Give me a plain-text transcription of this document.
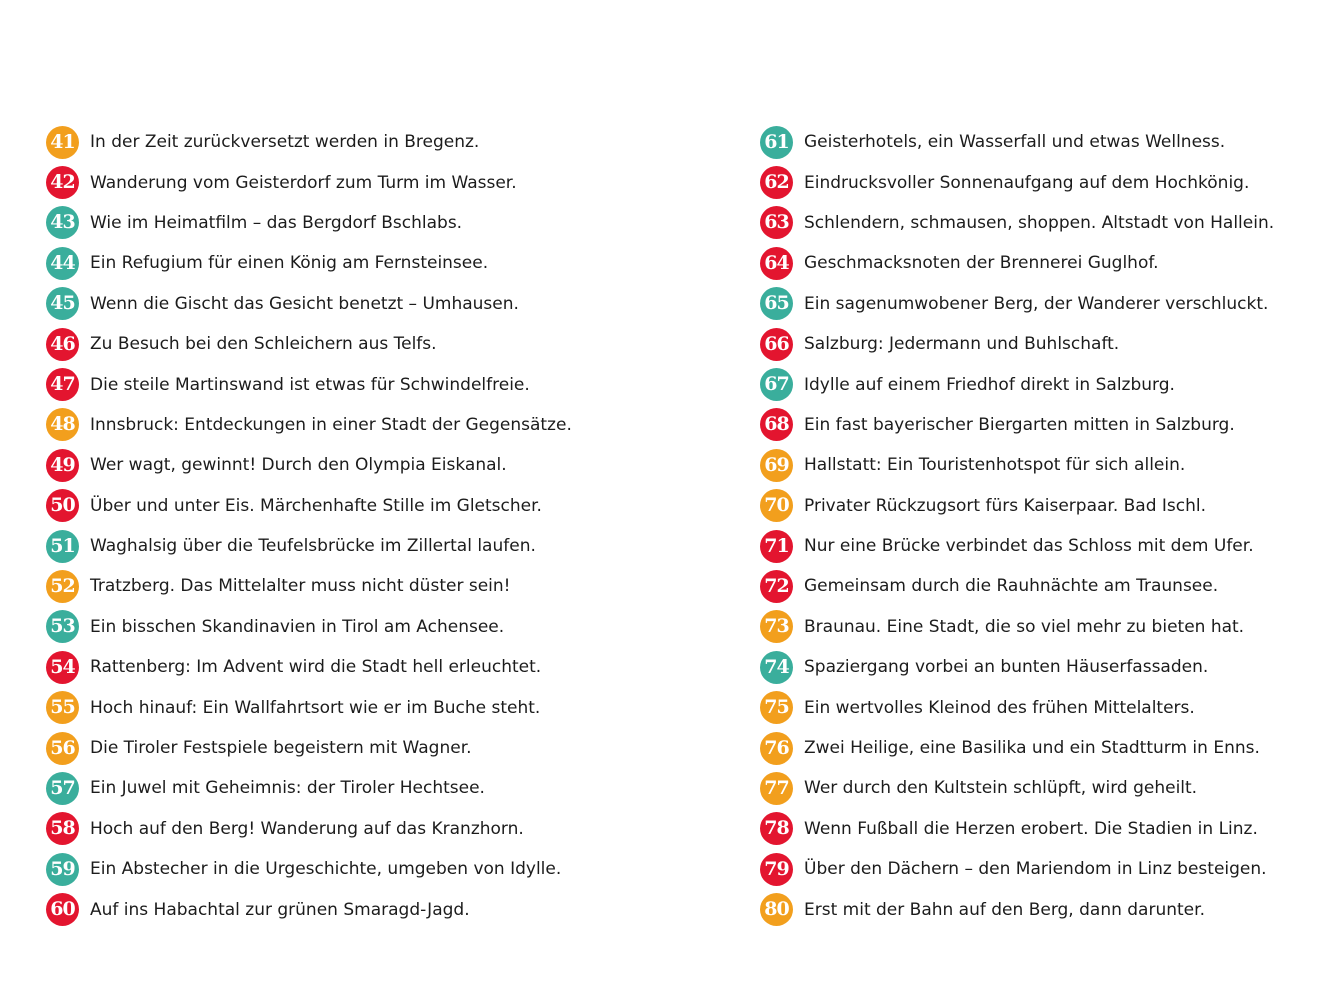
41 In der Zeit zurückversetzt werden in Bregenz.
42 Wanderung vom Geisterdorf zum Turm im Wasser.
43 Wie im Heimatfilm – das Bergdorf Bschlabs.
44 Ein Refugium für einen König am Fernsteinsee.
45 Wenn die Gischt das Gesicht benetzt – Umhausen.
46 Zu Besuch bei den Schleichern aus Telfs.
47 Die steile Martinswand ist etwas für Schwindelfreie.
48 Innsbruck: Entdeckungen in einer Stadt der Gegensätze.
49 Wer wagt, gewinnt! Durch den Olympia Eiskanal.
50 Über und unter Eis. Märchenhafte Stille im Gletscher.
51 Waghalsig über die Teufelsbrücke im Zillertal laufen.
52 Tratzberg. Das Mittelalter muss nicht düster sein!
53 Ein bisschen Skandinavien in Tirol am Achensee.
54 Rattenberg: Im Advent wird die Stadt hell erleuchtet.
55 Hoch hinauf: Ein Wallfahrtsort wie er im Buche steht.
56 Die Tiroler Festspiele begeistern mit Wagner.
57 Ein Juwel mit Geheimnis: der Tiroler Hechtsee.
58 Hoch auf den Berg! Wanderung auf das Kranzhorn.
59 Ein Abstecher in die Urgeschichte, umgeben von Idylle.
60 Auf ins Habachtal zur grünen Smaragd-Jagd.
61 Geisterhotels, ein Wasserfall und etwas Wellness.
62 Eindrucksvoller Sonnenaufgang auf dem Hochkönig.
63 Schlendern, schmausen, shoppen. Altstadt von Hallein.
64 Geschmacksnoten der Brennerei Guglhof.
65 Ein sagenumwobener Berg, der Wanderer verschluckt.
66 Salzburg: Jedermann und Buhlschaft.
67 Idylle auf einem Friedhof direkt in Salzburg.
68 Ein fast bayerischer Biergarten mitten in Salzburg.
69 Hallstatt: Ein Touristenhotspot für sich allein.
70 Privater Rückzugsort fürs Kaiserpaar. Bad Ischl.
71 Nur eine Brücke verbindet das Schloss mit dem Ufer.
72 Gemeinsam durch die Rauhnächte am Traunsee.
73 Braunau. Eine Stadt, die so viel mehr zu bieten hat.
74 Spaziergang vorbei an bunten Häuserfassaden.
75 Ein wertvolles Kleinod des frühen Mittelalters.
76 Zwei Heilige, eine Basilika und ein Stadtturm in Enns.
77 Wer durch den Kultstein schlüpft, wird geheilt.
78 Wenn Fußball die Herzen erobert. Die Stadien in Linz.
79 Über den Dächern – den Mariendom in Linz besteigen.
80 Erst mit der Bahn auf den Berg, dann darunter.
